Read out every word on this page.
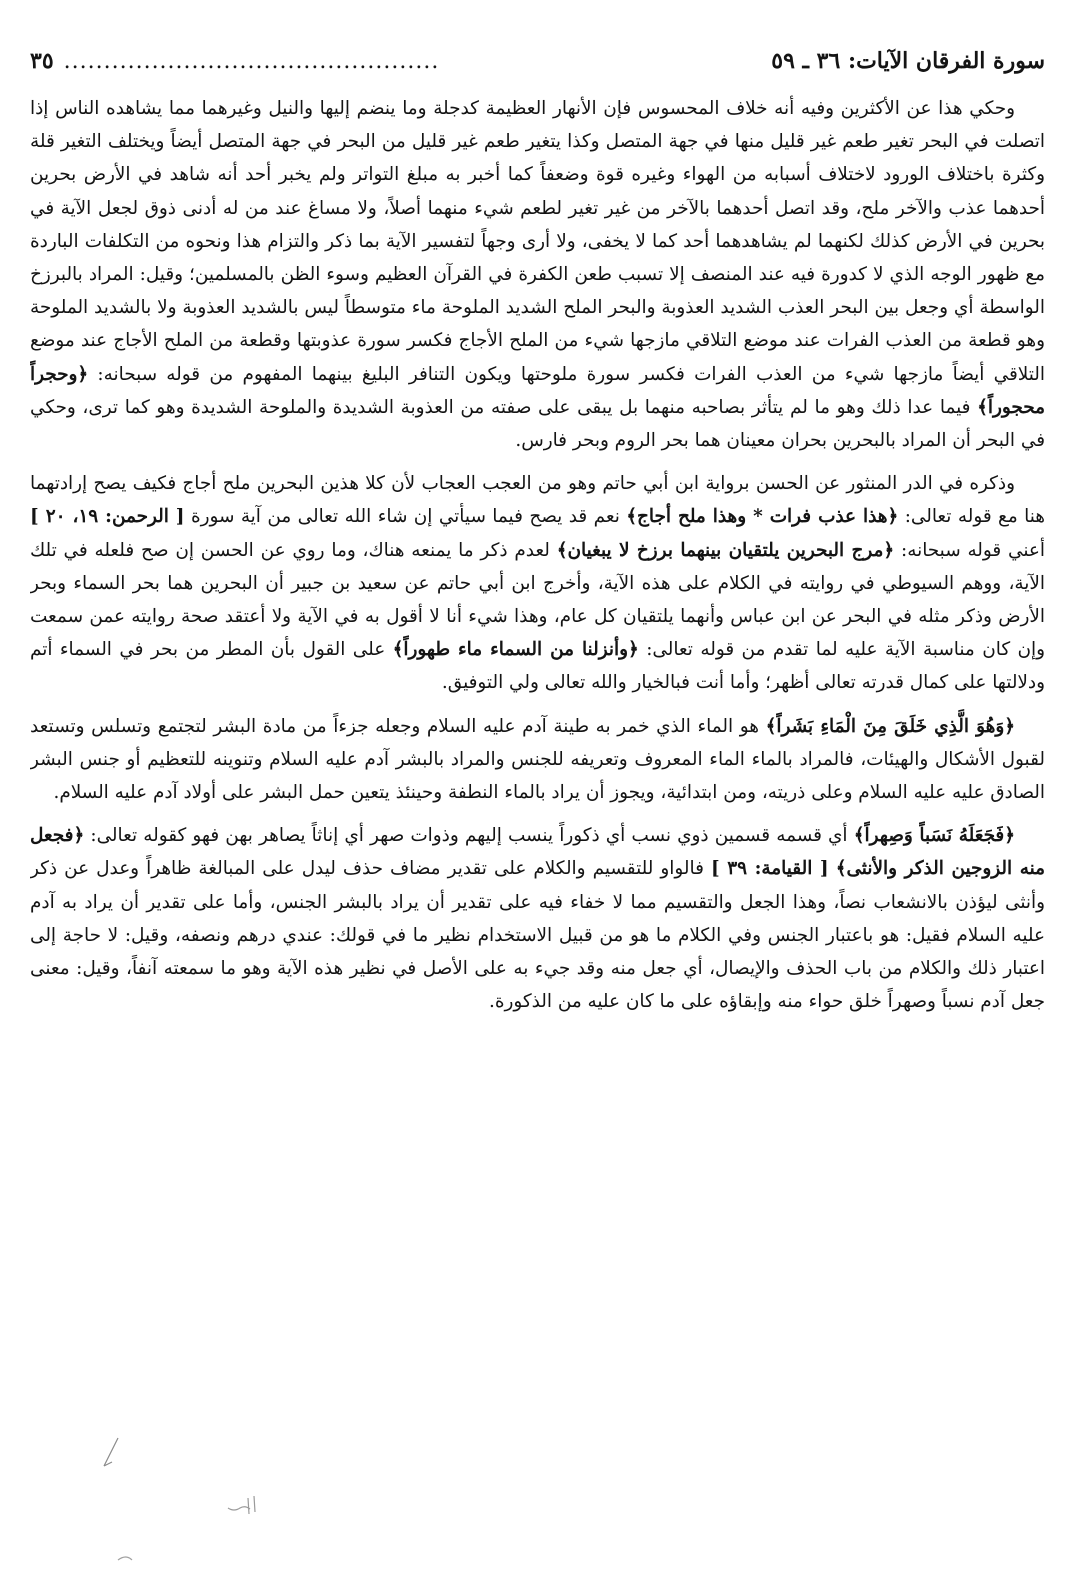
سورة الفرقان الآيات: ٣٦ ـ ٥٩
...............................................
٣٥

وحكي هذا عن الأكثرين وفيه أنه خلاف المحسوس فإن الأنهار العظيمة كدجلة وما ينضم إليها والنيل وغيرهما مما يشاهده الناس إذا اتصلت في البحر تغير طعم غير قليل منها في جهة المتصل وكذا يتغير طعم غير قليل من البحر في جهة المتصل أيضاً ويختلف التغير قلة وكثرة باختلاف الورود لاختلاف أسبابه من الهواء وغيره قوة وضعفاً كما أخبر به مبلغ التواتر ولم يخبر أحد أنه شاهد في الأرض بحرين أحدهما عذب والآخر ملح، وقد اتصل أحدهما بالآخر من غير تغير لطعم شيء منهما أصلاً، ولا مساغ عند من له أدنى ذوق لجعل الآية في بحرين في الأرض كذلك لكنهما لم يشاهدهما أحد كما لا يخفى، ولا أرى وجهاً لتفسير الآية بما ذكر والتزام هذا ونحوه من التكلفات الباردة مع ظهور الوجه الذي لا كدورة فيه عند المنصف إلا تسبب طعن الكفرة في القرآن العظيم وسوء الظن بالمسلمين؛ وقيل: المراد بالبرزخ الواسطة أي وجعل بين البحر العذب الشديد العذوبة والبحر الملح الشديد الملوحة ماء متوسطاً ليس بالشديد العذوبة ولا بالشديد الملوحة وهو قطعة من العذب الفرات عند موضع التلاقي مازجها شيء من الملح الأجاج فكسر سورة عذوبتها وقطعة من الملح الأجاج عند موضع التلاقي أيضاً مازجها شيء من العذب الفرات فكسر سورة ملوحتها ويكون التنافر البليغ بينهما المفهوم من قوله سبحانه: ﴿وحجراً محجوراً﴾ فيما عدا ذلك وهو ما لم يتأثر بصاحبه منهما بل يبقى على صفته من العذوبة الشديدة والملوحة الشديدة وهو كما ترى، وحكي في البحر أن المراد بالبحرين بحران معينان هما بحر الروم وبحر فارس.

وذكره في الدر المنثور عن الحسن برواية ابن أبي حاتم وهو من العجب العجاب لأن كلا هذين البحرين ملح أجاج فكيف يصح إرادتهما هنا مع قوله تعالى: ﴿هذا عذب فرات * وهذا ملح أجاج﴾ نعم قد يصح فيما سيأتي إن شاء الله تعالى من آية سورة [ الرحمن: ١٩، ٢٠ ] أعني قوله سبحانه: ﴿مرج البحرين يلتقيان بينهما برزخ لا يبغيان﴾ لعدم ذكر ما يمنعه هناك، وما روي عن الحسن إن صح فلعله في تلك الآية، ووهم السيوطي في روايته في الكلام على هذه الآية، وأخرج ابن أبي حاتم عن سعيد بن جبير أن البحرين هما بحر السماء وبحر الأرض وذكر مثله في البحر عن ابن عباس وأنهما يلتقيان كل عام، وهذا شيء أنا لا أقول به في الآية ولا أعتقد صحة روايته عمن سمعت وإن كان مناسبة الآية عليه لما تقدم من قوله تعالى: ﴿وأنزلنا من السماء ماء طهوراً﴾ على القول بأن المطر من بحر في السماء أتم ودلالتها على كمال قدرته تعالى أظهر؛ وأما أنت فبالخيار والله تعالى ولي التوفيق.

﴿وَهُوَ الَّذِي خَلَقَ مِنَ الْمَاءِ بَشَراً﴾ هو الماء الذي خمر به طينة آدم عليه السلام وجعله جزءاً من مادة البشر لتجتمع وتسلس وتستعد لقبول الأشكال والهيئات، فالمراد بالماء الماء المعروف وتعريفه للجنس والمراد بالبشر آدم عليه السلام وتنوينه للتعظيم أو جنس البشر الصادق عليه عليه السلام وعلى ذريته، ومن ابتدائية، ويجوز أن يراد بالماء النطفة وحينئذ يتعين حمل البشر على أولاد آدم عليه السلام.

﴿فَجَعَلَهُ نَسَباً وَصِهراً﴾ أي قسمه قسمين ذوي نسب أي ذكوراً ينسب إليهم وذوات صهر أي إناثاً يصاهر بهن فهو كقوله تعالى: ﴿فجعل منه الزوجين الذكر والأنثى﴾ [ القيامة: ٣٩ ] فالواو للتقسيم والكلام على تقدير مضاف حذف ليدل على المبالغة ظاهراً وعدل عن ذكر وأنثى ليؤذن بالانشعاب نصاً، وهذا الجعل والتقسيم مما لا خفاء فيه على تقدير أن يراد بالبشر الجنس، وأما على تقدير أن يراد به آدم عليه السلام فقيل: هو باعتبار الجنس وفي الكلام ما هو من قبيل الاستخدام نظير ما في قولك: عندي درهم ونصفه، وقيل: لا حاجة إلى اعتبار ذلك والكلام من باب الحذف والإيصال، أي جعل منه وقد جيء به على الأصل في نظير هذه الآية وهو ما سمعته آنفاً، وقيل: معنى جعل آدم نسباً وصهراً خلق حواء منه وإبقاؤه على ما كان عليه من الذكورة.
